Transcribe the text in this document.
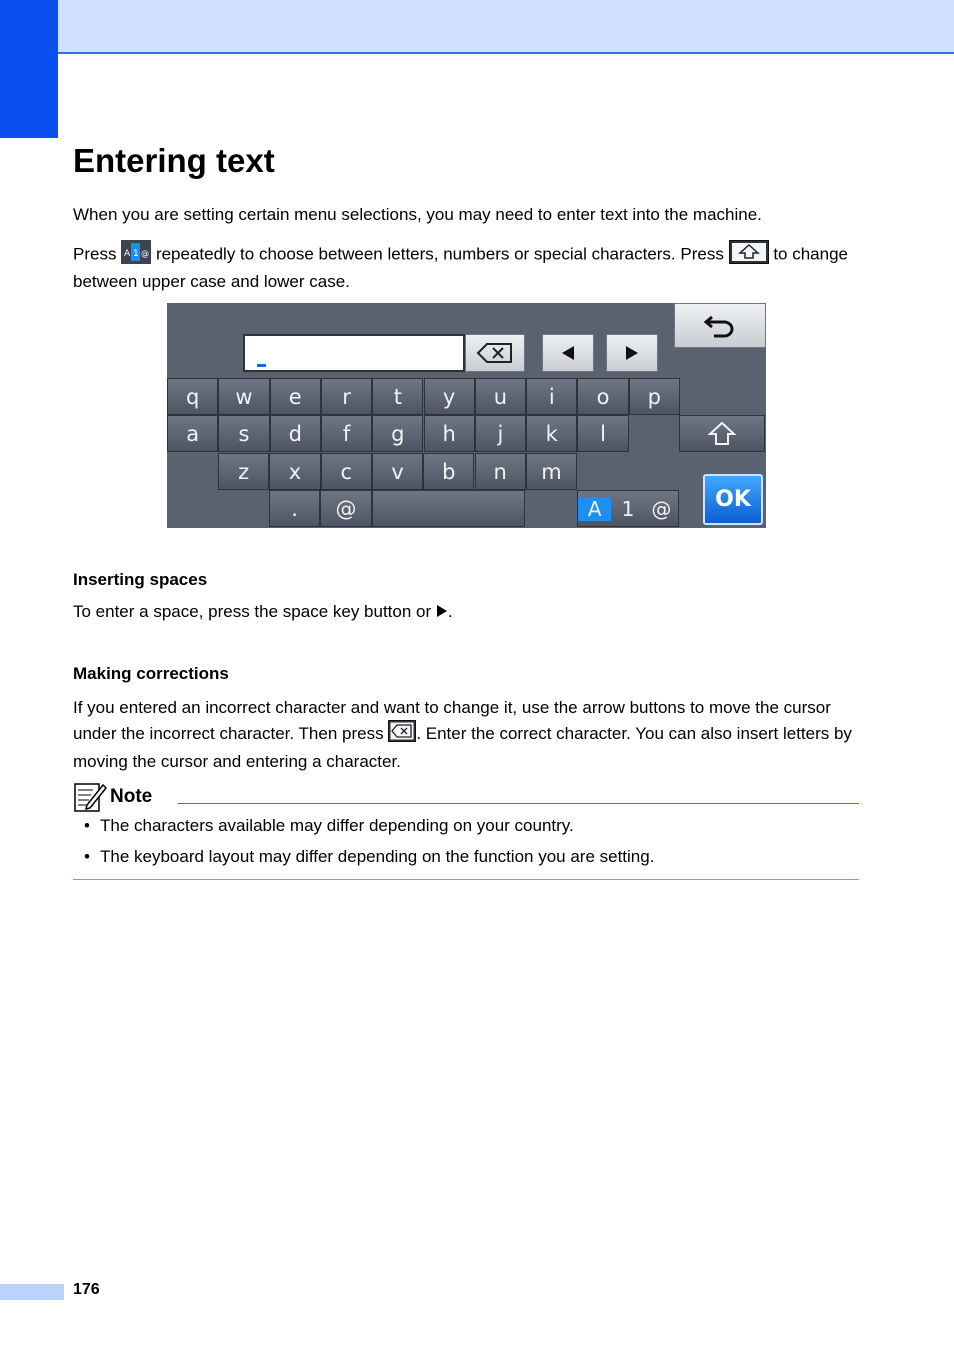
Entering text

When you are setting certain menu selections, you may need to enter text into the machine.

Press A 1 @ repeatedly to choose between letters, numbers or special characters. Press	to change between upper case and lower case.

q	w	e	r	t	y	u	i	o	p
a	s	d	f	g	h	j	k	l
z	x	c	v	b	n	m
.	@	A	1 @	OK
Inserting spaces

To enter a space, press the space key button or .

Making corrections

If you entered an incorrect character and want to change it, use the arrow buttons to move the cursor under the incorrect character. Then press . Enter the correct character. You can also insert letters by moving the cursor and entering a character.

Note
• The characters available may differ depending on your country.
• The keyboard layout may differ depending on the function you are setting.
176
